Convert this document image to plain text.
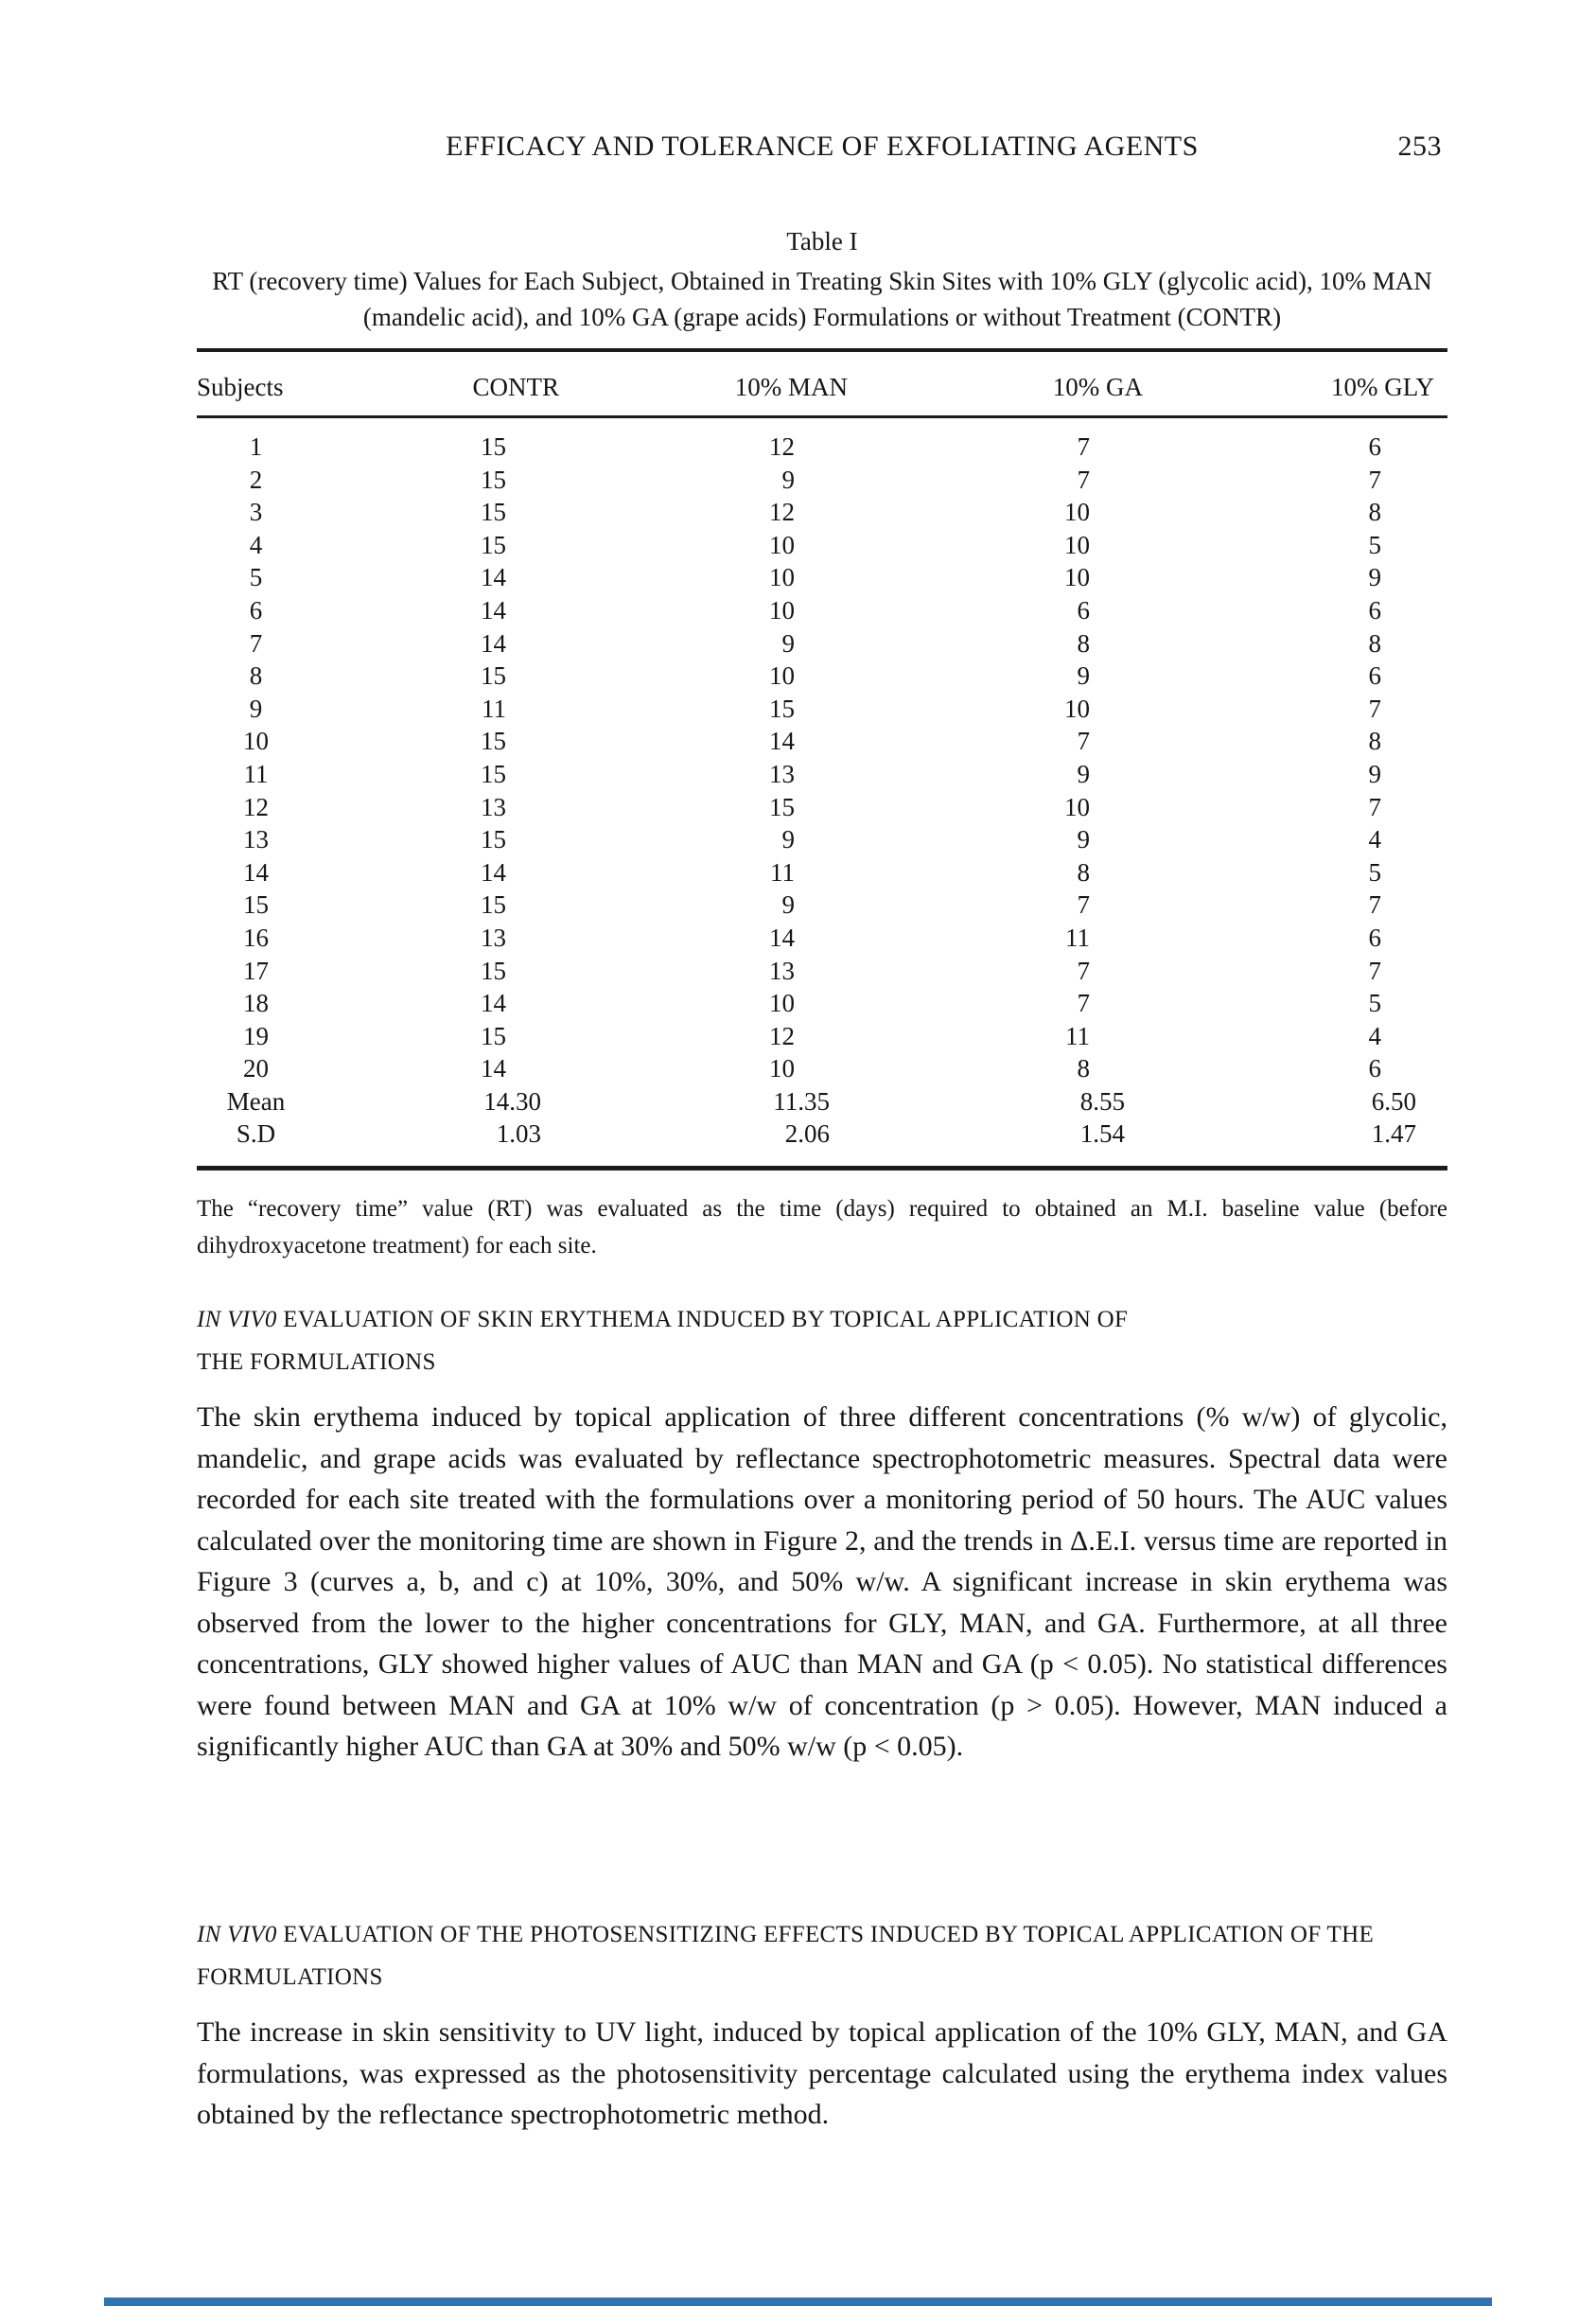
EFFICACY AND TOLERANCE OF EXFOLIATING AGENTS	253
Table I
RT (recovery time) Values for Each Subject, Obtained in Treating Skin Sites with 10% GLY (glycolic acid), 10% MAN (mandelic acid), and 10% GA (grape acids) Formulations or without Treatment (CONTR)
Subjects	CONTR	10% MAN	10% GA	10% GLY
1	15	12	7	6
2	15	9	7	7
3	15	12	10	8
4	15	10	10	5
5	14	10	10	9
6	14	10	6	6
7	14	9	8	8
8	15	10	9	6
9	11	15	10	7
10	15	14	7	8
11	15	13	9	9
12	13	15	10	7
13	15	9	9	4
14	14	11	8	5
15	15	9	7	7
16	13	14	11	6
17	15	13	7	7
18	14	10	7	5
19	15	12	11	4
20	14	10	8	6
Mean	14.30	11.35	8.55	6.50
S.D	1.03	2.06	1.54	1.47
The “recovery time” value (RT) was evaluated as the time (days) required to obtained an M.I. baseline value (before dihydroxyacetone treatment) for each site.
IN VIV0 EVALUATION OF SKIN ERYTHEMA INDUCED BY TOPICAL APPLICATION OF THE FORMULATIONS
The skin erythema induced by topical application of three different concentrations (% w/w) of glycolic, mandelic, and grape acids was evaluated by reflectance spectrophotometric measures. Spectral data were recorded for each site treated with the formulations over a monitoring period of 50 hours. The AUC values calculated over the monitoring time are shown in Figure 2, and the trends in Δ.E.I. versus time are reported in Figure 3 (curves a, b, and c) at 10%, 30%, and 50% w/w. A significant increase in skin erythema was observed from the lower to the higher concentrations for GLY, MAN, and GA. Furthermore, at all three concentrations, GLY showed higher values of AUC than MAN and GA (p < 0.05). No statistical differences were found between MAN and GA at 10% w/w of concentration (p > 0.05). However, MAN induced a significantly higher AUC than GA at 30% and 50% w/w (p < 0.05).
IN VIV0 EVALUATION OF THE PHOTOSENSITIZING EFFECTS INDUCED BY TOPICAL APPLICATION OF THE FORMULATIONS
The increase in skin sensitivity to UV light, induced by topical application of the 10% GLY, MAN, and GA formulations, was expressed as the photosensitivity percentage calculated using the erythema index values obtained by the reflectance spectrophotometric method.
